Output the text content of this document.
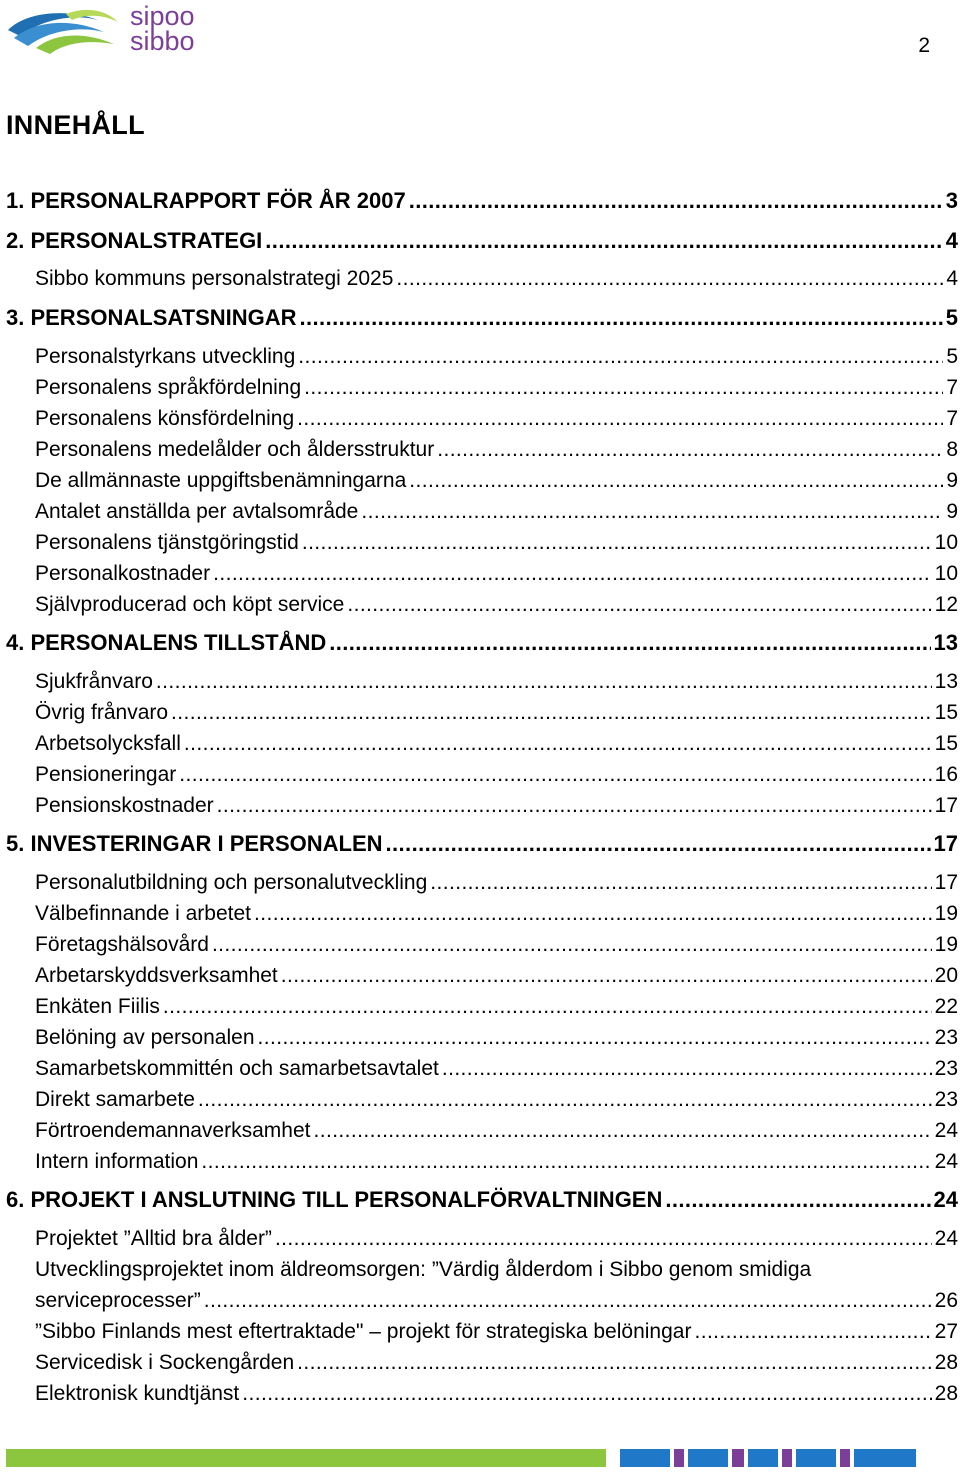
sipoo
sibbo	2
INNEHÅLL
1. PERSONALRAPPORT FÖR ÅR 2007 .....	3
2. PERSONALSTRATEGI .....	4
Sibbo kommuns personalstrategi 2025 .....	4
3. PERSONALSATSNINGAR .....	5
Personalstyrkans utveckling .....	5
Personalens språkfördelning .....	7
Personalens könsfördelning .....	7
Personalens medelålder och åldersstruktur .....	8
De allmännaste uppgiftsbenämningarna .....	9
Antalet anställda per avtalsområde .....	9
Personalens tjänstgöringstid .....	10
Personalkostnader .....	10
Självproducerad och köpt service .....	12
4. PERSONALENS TILLSTÅND .....	13
Sjukfrånvaro .....	13
Övrig frånvaro .....	15
Arbetsolycksfall .....	15
Pensioneringar .....	16
Pensionskostnader .....	17
5. INVESTERINGAR I PERSONALEN .....	17
Personalutbildning och personalutveckling .....	17
Välbefinnande i arbetet .....	19
Företagshälsovård .....	19
Arbetarskyddsverksamhet .....	20
Enkäten Fiilis .....	22
Belöning av personalen .....	23
Samarbetskommittén och samarbetsavtalet .....	23
Direkt samarbete .....	23
Förtroendemannaverksamhet .....	24
Intern information .....	24
6. PROJEKT I ANSLUTNING TILL PERSONALFÖRVALTNINGEN .....	24
Projektet ”Alltid bra ålder” .....	24
Utvecklingsprojektet inom äldreomsorgen: ”Värdig ålderdom i Sibbo genom smidiga
serviceprocesser” .....	26
”Sibbo Finlands mest eftertraktade" – projekt för strategiska belöningar .....	27
Servicedisk i Sockengården .....	28
Elektronisk kundtjänst .....	28
